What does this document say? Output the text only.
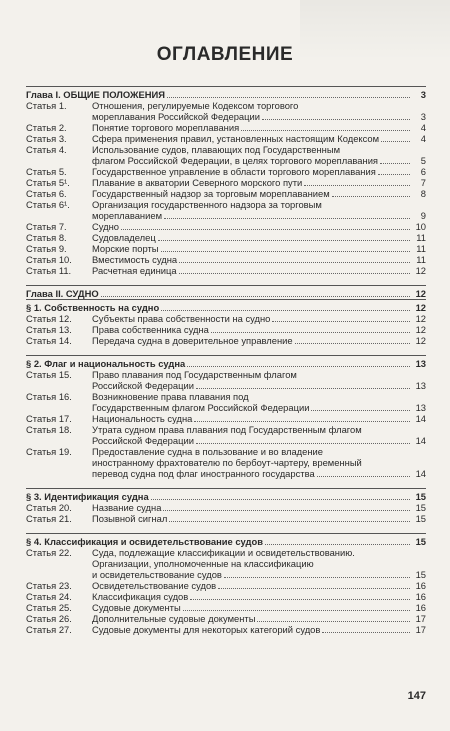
ОГЛАВЛЕНИЕ
Глава I. ОБЩИЕ ПОЛОЖЕНИЯ	3
Статья 1.	Отношения, регулируемые Кодексом торгового
мореплавания Российской Федерации	3
Статья 2.	Понятие торгового мореплавания	4
Статья 3.	Сфера применения правил, установленных настоящим Кодексом	4
Статья 4.	Использование судов, плавающих под Государственным
флагом Российской Федерации, в целях торгового мореплавания	5
Статья 5.	Государственное управление в области торгового мореплавания	6
Статья 5¹.	Плавание в акватории Северного морского пути	7
Статья 6.	Государственный надзор за торговым мореплаванием	8
Статья 6¹.	Организация государственного надзора за торговым
мореплаванием	9
Статья 7.	Судно	10
Статья 8.	Судовладелец	11
Статья 9.	Морские порты	11
Статья 10.	Вместимость судна	11
Статья 11.	Расчетная единица	12
Глава II. СУДНО	12
§ 1. Собственность на судно	12
Статья 12.	Субъекты права собственности на судно	12
Статья 13.	Права собственника судна	12
Статья 14.	Передача судна в доверительное управление	12
§ 2. Флаг и национальность судна	13
Статья 15.	Право плавания под Государственным флагом
Российской Федерации	13
Статья 16.	Возникновение права плавания под
Государственным флагом Российской Федерации	13
Статья 17.	Национальность судна	14
Статья 18.	Утрата судном права плавания под Государственным флагом
Российской Федерации	14
Статья 19.	Предоставление судна в пользование и во владение
иностранному фрахтователю по бербоут-чартеру, временный
перевод судна под флаг иностранного государства	14
§ 3. Идентификация судна	15
Статья 20.	Название судна	15
Статья 21.	Позывной сигнал	15
§ 4. Классификация и освидетельствование судов	15
Статья 22.	Суда, подлежащие классификации и освидетельствованию.
Организации, уполномоченные на классификацию
и освидетельствование судов	15
Статья 23.	Освидетельствование судов	16
Статья 24.	Классификация судов	16
Статья 25.	Судовые документы	16
Статья 26.	Дополнительные судовые документы	17
Статья 27.	Судовые документы для некоторых категорий судов	17
147
